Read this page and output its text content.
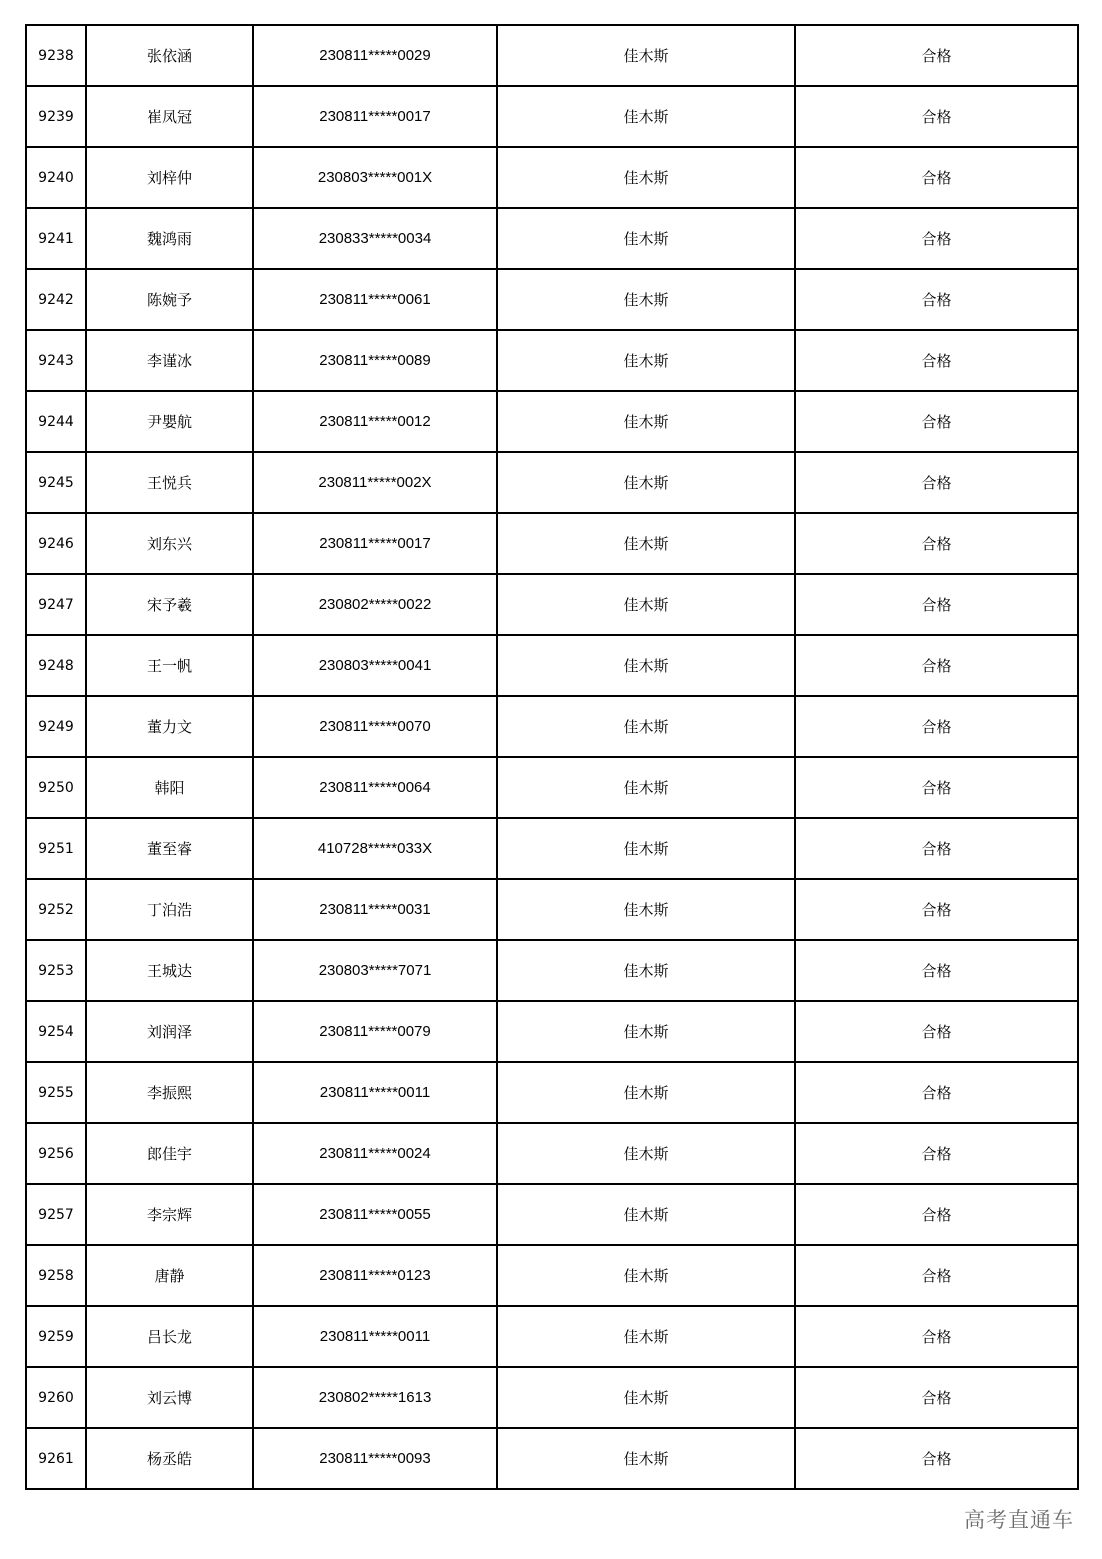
9238	张依涵	230811*****0029	佳木斯	合格
9239	崔凤冠	230811*****0017	佳木斯	合格
9240	刘梓仲	230803*****001X	佳木斯	合格
9241	魏鸿雨	230833*****0034	佳木斯	合格
9242	陈婉予	230811*****0061	佳木斯	合格
9243	李谨冰	230811*****0089	佳木斯	合格
9244	尹嬰航	230811*****0012	佳木斯	合格
9245	王悦兵	230811*****002X	佳木斯	合格
9246	刘东兴	230811*****0017	佳木斯	合格
9247	宋予羲	230802*****0022	佳木斯	合格
9248	王一帆	230803*****0041	佳木斯	合格
9249	董力文	230811*****0070	佳木斯	合格
9250	韩阳	230811*****0064	佳木斯	合格
9251	董至睿	410728*****033X	佳木斯	合格
9252	丁泊浩	230811*****0031	佳木斯	合格
9253	王城达	230803*****7071	佳木斯	合格
9254	刘润泽	230811*****0079	佳木斯	合格
9255	李振熙	230811*****0011	佳木斯	合格
9256	郎佳宇	230811*****0024	佳木斯	合格
9257	李宗辉	230811*****0055	佳木斯	合格
9258	唐静	230811*****0123	佳木斯	合格
9259	吕长龙	230811*****0011	佳木斯	合格
9260	刘云博	230802*****1613	佳木斯	合格
9261	杨丞皓	230811*****0093	佳木斯	合格
高考直通车
